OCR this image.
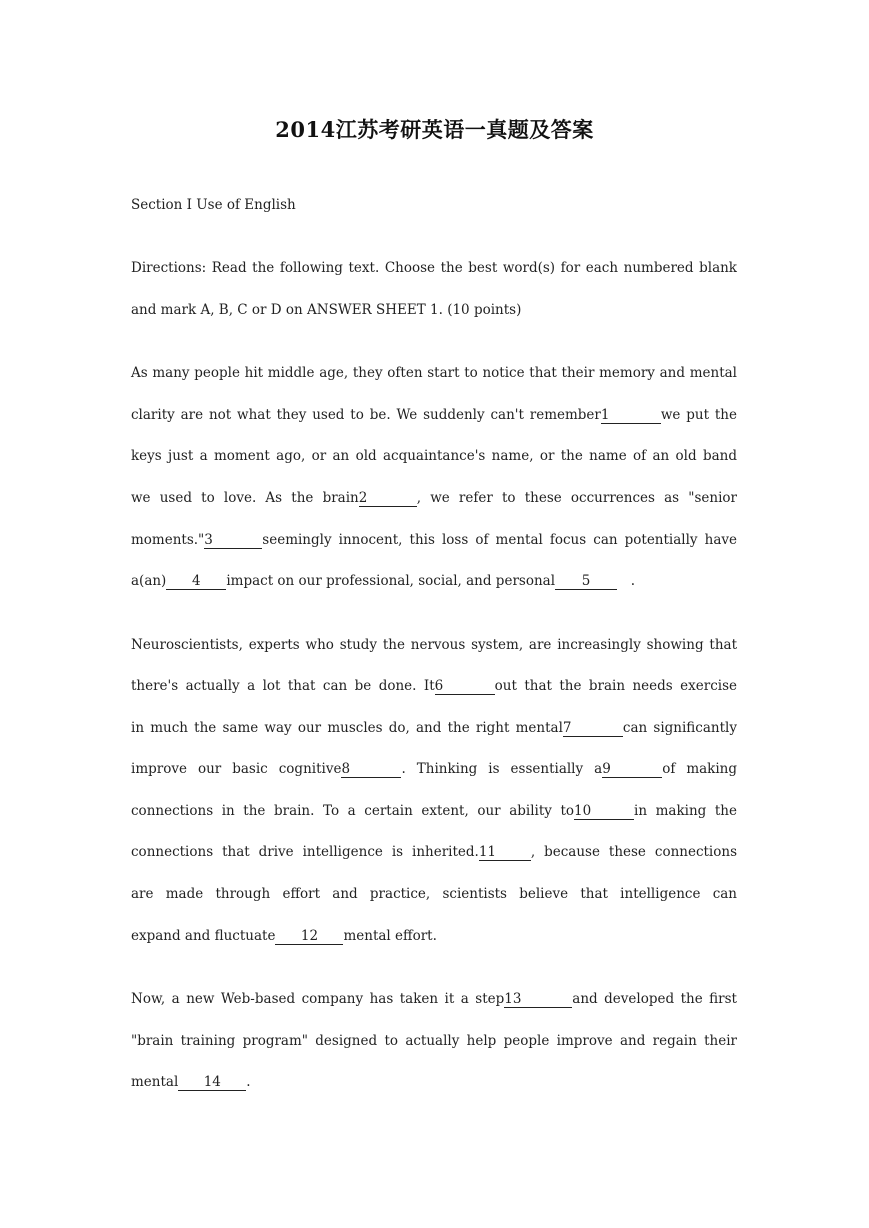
2014江苏考研英语一真题及答案
Section Ⅰ Use of English
Directions: Read the following text. Choose the best word(s) for each numbered blank
and mark A, B, C or D on ANSWER SHEET 1. (10 points)
As many people hit middle age, they often start to notice that their memory and mental
clarity are not what they used to be. We suddenly can't remember1	we put the
keys just a moment ago, or an old acquaintance's name, or the name of an old band
we used to love. As the brain2	, we refer to these occurrences as "senior
moments."3	seemingly innocent, this loss of mental focus can potentially have
a(an) 4 impact on our professional, social, and personal 5	.
Neuroscientists, experts who study the nervous system, are increasingly showing that
there's actually a lot that can be done. It6	out that the brain needs exercise
in much the same way our muscles do, and the right mental7	can significantly
improve our basic cognitive8	. Thinking is essentially a9	of making
connections in the brain. To a certain extent, our ability to10	in making the
connections that drive intelligence is inherited.11	, because these connections
are made through effort and practice, scientists believe that intelligence can
expand and fluctuate 12 mental effort.
Now, a new Web-based company has taken it a step13	and developed the first
"brain training program" designed to actually help people improve and regain their
mental 14 .
